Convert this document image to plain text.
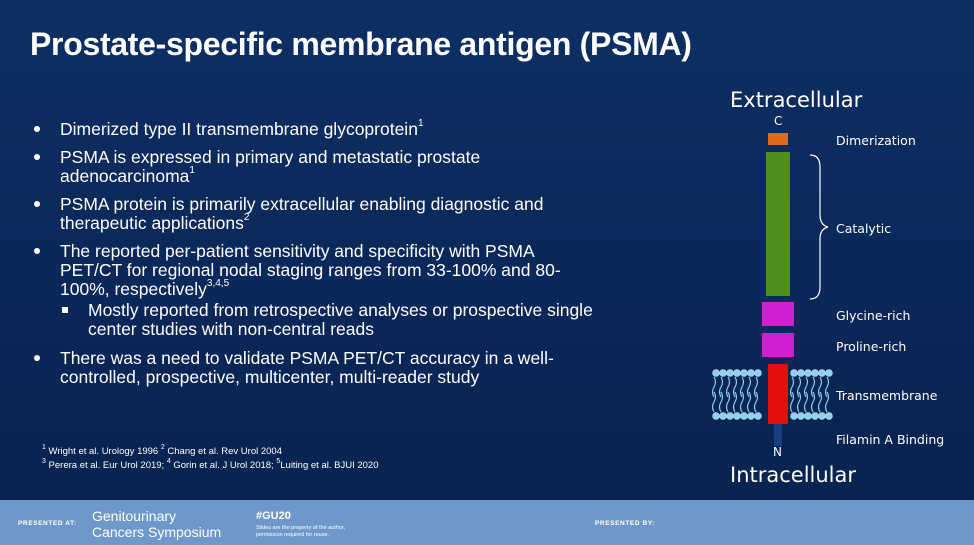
Prostate-specific membrane antigen (PSMA)
Dimerized type II transmembrane glycoprotein$^1$
PSMA is expressed in primary and metastatic prostate
adenocarcinoma$^1$
PSMA protein is primarily extracellular enabling diagnostic and
therapeutic applications$^2$
The reported per-patient sensitivity and specificity with PSMA
PET/CT for regional nodal staging ranges from 33-100% and 80-
100%, respectively$^{3,4,5}$
Mostly reported from retrospective analyses or prospective single
center studies with non-central reads
There was a need to validate PSMA PET/CT accuracy in a well-
controlled, prospective, multicenter, multi-reader study
$^1$ Wright et al. Urology 1996 $^2$ Chang et al. Rev Urol 2004
$^3$ Perera et al. Eur Urol 2019; $^4$ Gorin et al. J Urol 2018; $^5$Luiting et al. BJUI 2020
Extracellular
C
Dimerization
Catalytic
Glycine-rich
Proline-rich
Transmembrane
Filamin A Binding
N
Intracellular
PRESENTED AT: Genitourinary
Cancers Symposium
#GU20
Slides are the property of the author,
permission required for reuse.
PRESENTED BY:
